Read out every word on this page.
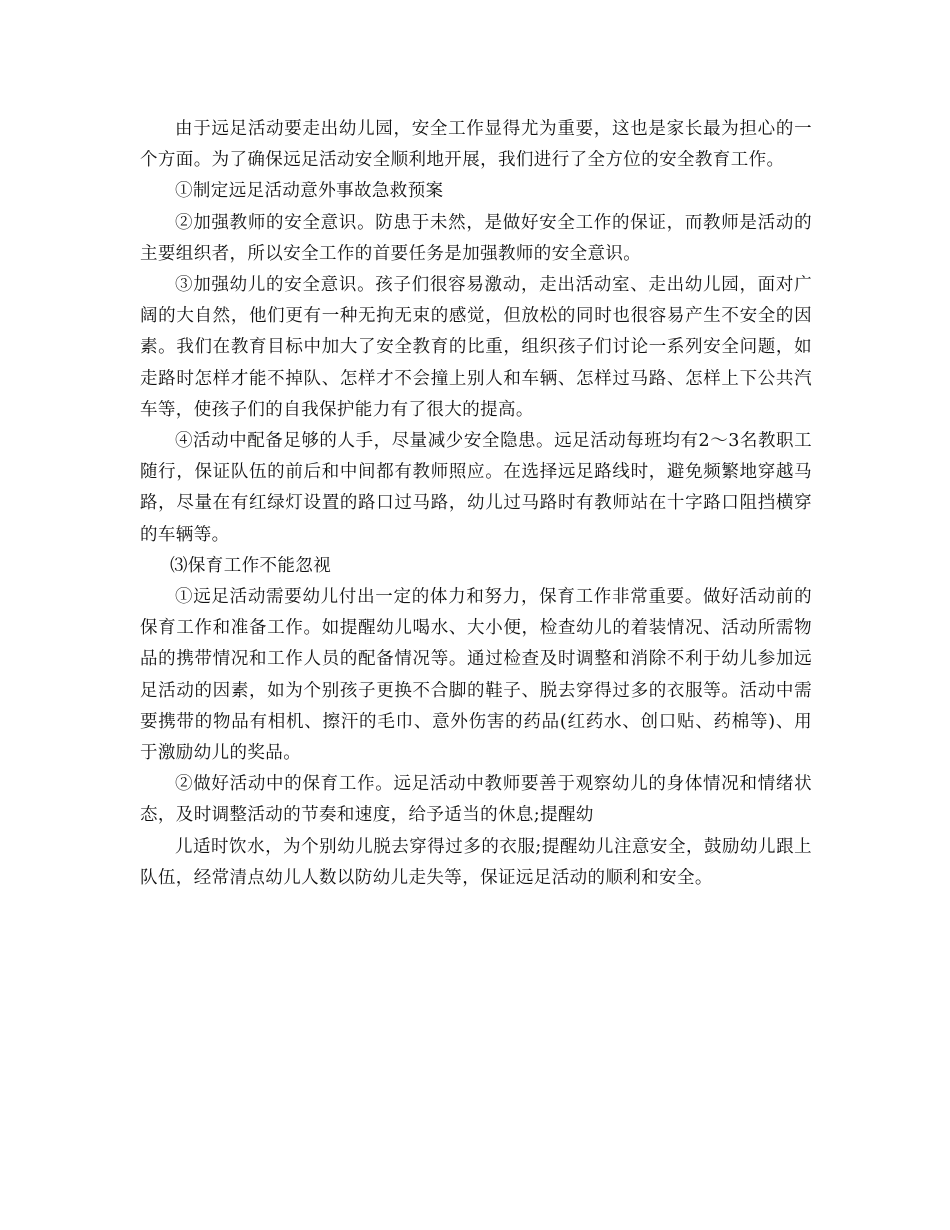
由于远足活动要走出幼儿园，安全工作显得尤为重要，这也是家长最为担心的一个方面。为了确保远足活动安全顺利地开展，我们进行了全方位的安全教育工作。

①制定远足活动意外事故急救预案

②加强教师的安全意识。防患于未然，是做好安全工作的保证，而教师是活动的主要组织者，所以安全工作的首要任务是加强教师的安全意识。

③加强幼儿的安全意识。孩子们很容易激动，走出活动室、走出幼儿园，面对广阔的大自然，他们更有一种无拘无束的感觉，但放松的同时也很容易产生不安全的因素。我们在教育目标中加大了安全教育的比重，组织孩子们讨论一系列安全问题，如走路时怎样才能不掉队、怎样才不会撞上别人和车辆、怎样过马路、怎样上下公共汽车等，使孩子们的自我保护能力有了很大的提高。

④活动中配备足够的人手，尽量减少安全隐患。远足活动每班均有2～3名教职工随行，保证队伍的前后和中间都有教师照应。在选择远足路线时，避免频繁地穿越马路，尽量在有红绿灯设置的路口过马路，幼儿过马路时有教师站在十字路口阻挡横穿的车辆等。

⑶保育工作不能忽视

①远足活动需要幼儿付出一定的体力和努力，保育工作非常重要。做好活动前的保育工作和准备工作。如提醒幼儿喝水、大小便，检查幼儿的着装情况、活动所需物品的携带情况和工作人员的配备情况等。通过检查及时调整和消除不利于幼儿参加远足活动的因素，如为个别孩子更换不合脚的鞋子、脱去穿得过多的衣服等。活动中需要携带的物品有相机、擦汗的毛巾、意外伤害的药品(红药水、创口贴、药棉等)、用于激励幼儿的奖品。

②做好活动中的保育工作。远足活动中教师要善于观察幼儿的身体情况和情绪状态，及时调整活动的节奏和速度，给予适当的休息;提醒幼

儿适时饮水，为个别幼儿脱去穿得过多的衣服;提醒幼儿注意安全，鼓励幼儿跟上队伍，经常清点幼儿人数以防幼儿走失等，保证远足活动的顺利和安全。
